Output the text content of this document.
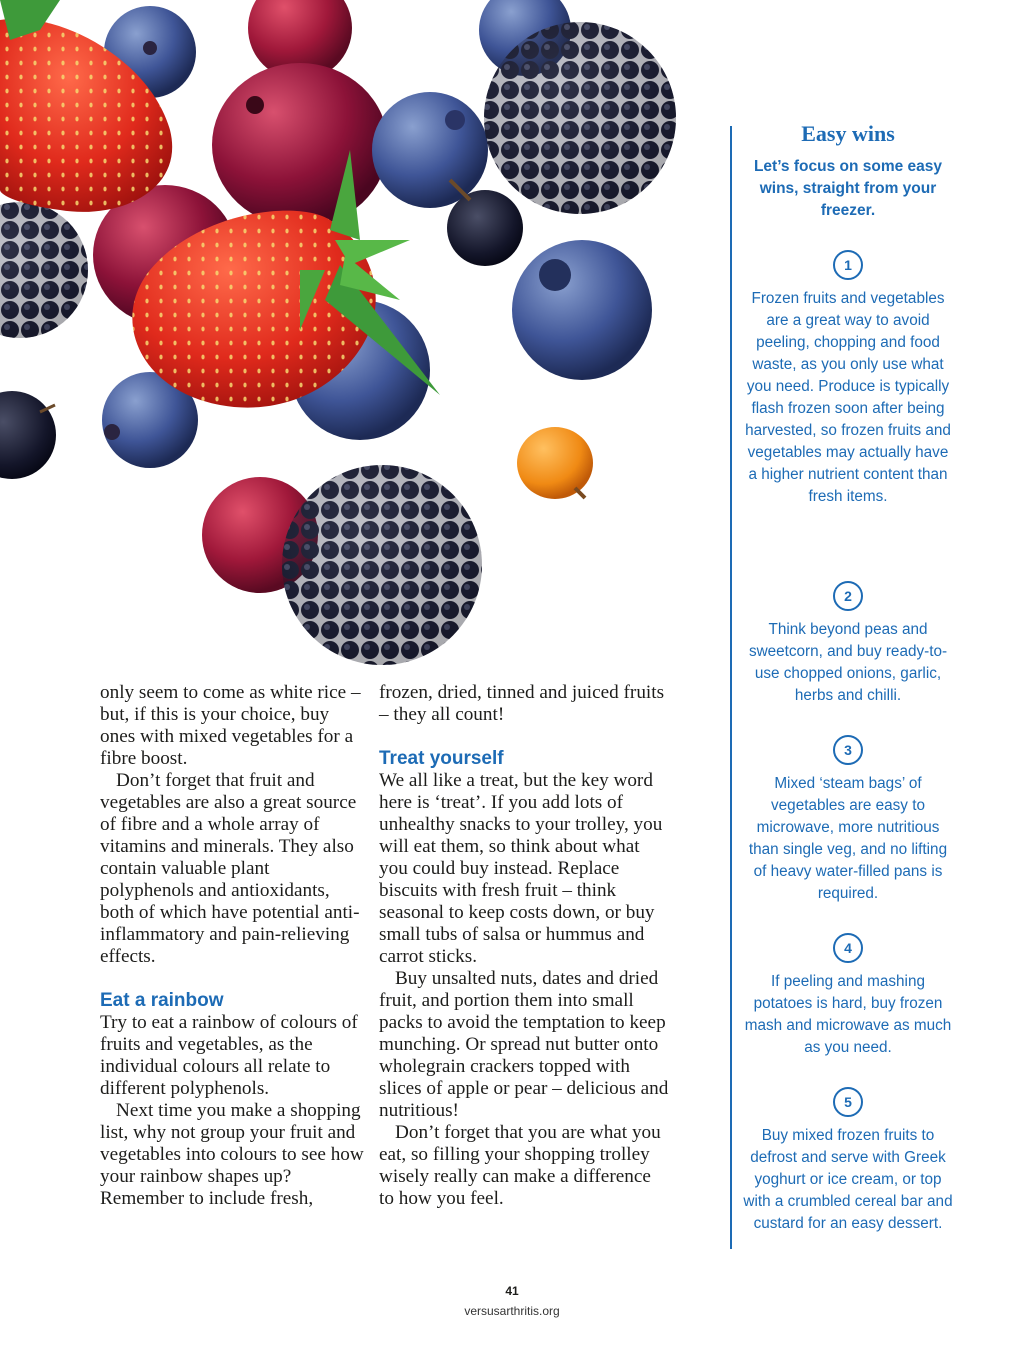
only seem to come as white rice – but, if this is your choice, buy ones with mixed vegetables for a fibre boost.

Don’t forget that fruit and vegetables are also a great source of fibre and a whole array of vitamins and minerals. They also contain valuable plant polyphenols and antioxidants, both of which have potential anti-inflammatory and pain-relieving effects.

Eat a rainbow

Try to eat a rainbow of colours of fruits and vegetables, as the individual colours all relate to different polyphenols.

Next time you make a shopping list, why not group your fruit and vegetables into colours to see how your rainbow shapes up? Remember to include fresh,

frozen, dried, tinned and juiced fruits – they all count!

Treat yourself

We all like a treat, but the key word here is ‘treat’. If you add lots of unhealthy snacks to your trolley, you will eat them, so think about what you could buy instead. Replace biscuits with fresh fruit – think seasonal to keep costs down, or buy small tubs of salsa or hummus and carrot sticks.

Buy unsalted nuts, dates and dried fruit, and portion them into small packs to avoid the temptation to keep munching. Or spread nut butter onto wholegrain crackers topped with slices of apple or pear – delicious and nutritious!

Don’t forget that you are what you eat, so filling your shopping trolley wisely really can make a difference to how you feel.

Easy wins

Let’s focus on some easy wins, straight from your freezer.

1
Frozen fruits and vegetables are a great way to avoid peeling, chopping and food waste, as you only use what you need. Produce is typically flash frozen soon after being harvested, so frozen fruits and vegetables may actually have a higher nutrient content than fresh items.
2
Think beyond peas and sweetcorn, and buy ready-to-use chopped onions, garlic, herbs and chilli.
3
Mixed ‘steam bags’ of vegetables are easy to microwave, more nutritious than single veg, and no lifting of heavy water-filled pans is required.
4
If peeling and mashing potatoes is hard, buy frozen mash and microwave as much as you need.
5
Buy mixed frozen fruits to defrost and serve with Greek yoghurt or ice cream, or top with a crumbled cereal bar and custard for an easy dessert.
41
versusarthritis.org
